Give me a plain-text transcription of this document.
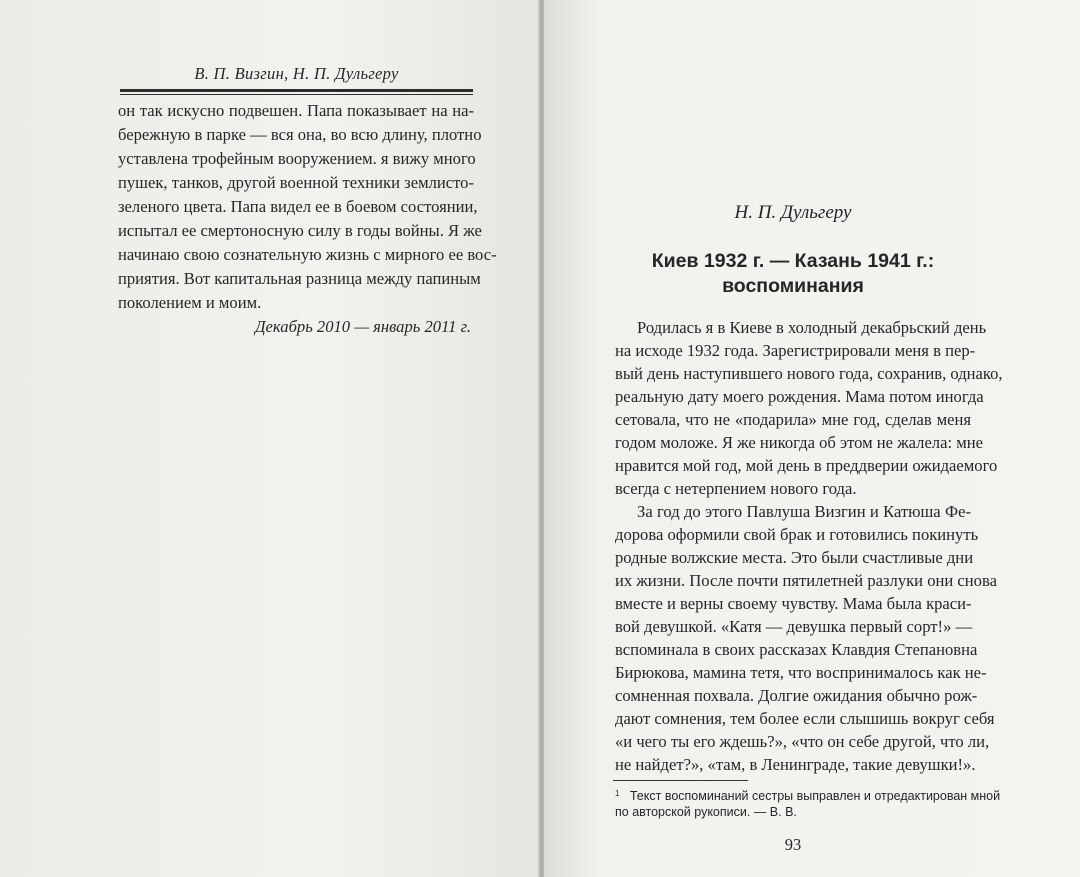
В. П. Визгин, Н. П. Дульгеру
он так искусно подвешен. Папа показывает на на-
бережную в парке — вся она, во всю длину, плотно
уставлена трофейным вооружением. я вижу много
пушек, танков, другой военной техники землисто-
зеленого цвета. Папа видел ее в боевом состоянии,
испытал ее смертоносную силу в годы войны. Я же
начинаю свою сознательную жизнь с мирного ее вос-
приятия. Вот капитальная разница между папиным
поколением и моим.
Декабрь 2010 — январь 2011 г.
Н. П. Дульгеру
Киев 1932 г. — Казань 1941 г.:
воспоминания
Родилась я в Киеве в холодный декабрьский день
на исходе 1932 года. Зарегистрировали меня в пер-
вый день наступившего нового года, сохранив, однако,
реальную дату моего рождения. Мама потом иногда
сетовала, что не «подарила» мне год, сделав меня
годом моложе. Я же никогда об этом не жалела: мне
нравится мой год, мой день в преддверии ожидаемого
всегда с нетерпением нового года.
За год до этого Павлуша Визгин и Катюша Фе-
дорова оформили свой брак и готовились покинуть
родные волжские места. Это были счастливые дни
их жизни. После почти пятилетней разлуки они снова
вместе и верны своему чувству. Мама была краси-
вой девушкой. «Катя — девушка первый сорт!» —
вспоминала в своих рассказах Клавдия Степановна
Бирюкова, мамина тетя, что воспринималось как не-
сомненная похвала. Долгие ожидания обычно рож-
дают сомнения, тем более если слышишь вокруг себя
«и чего ты его ждешь?», «что он себе другой, что ли,
не найдет?», «там, в Ленинграде, такие девушки!».
$^1$ Текст воспоминаний сестры выправлен и отредактирован мной
по авторской рукописи. — В. В.
93
